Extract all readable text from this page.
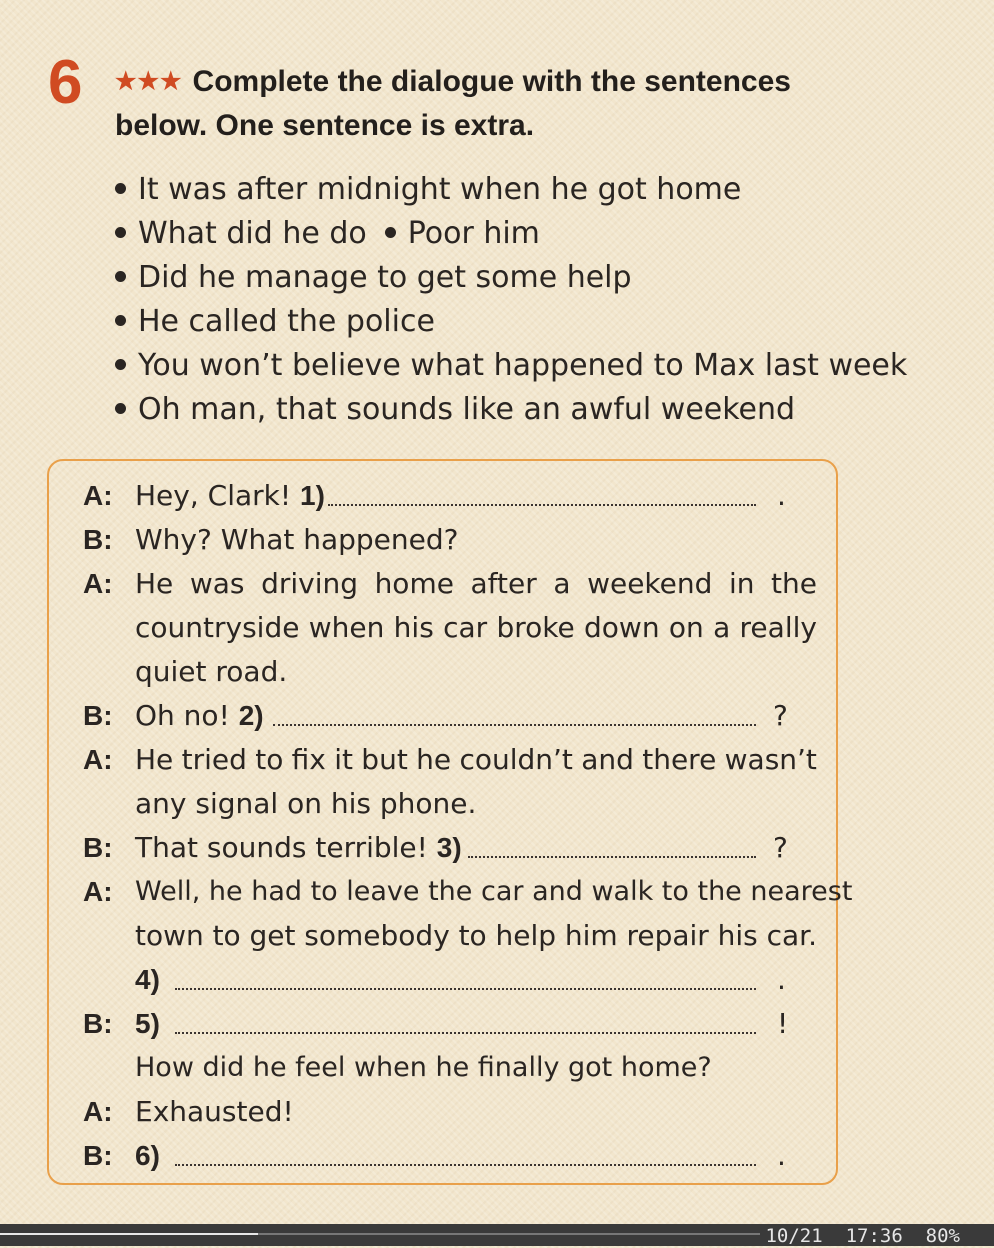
6 ★★★ Complete the dialogue with the sentences
below. One sentence is extra.
It was after midnight when he got home
What did he do Poor him
Did he manage to get some help
He called the police
You won’t believe what happened to Max last week
Oh man, that sounds like an awful weekend
A: Hey, Clark! 1)	.
B: Why? What happened?
A: He was driving home after a weekend in the
countryside when his car broke down on a really
quiet road.
B: Oh no! 2)	?
A: He tried to fix it but he couldn’t and there wasn’t
any signal on his phone.
B: That sounds terrible! 3)	?
A: Well, he had to leave the car and walk to the nearest
town to get somebody to help him repair his car.
4)	.
B: 5)	!
How did he feel when he finally got home?
A: Exhausted!
B: 6)	.
10/21 17:36 80%
